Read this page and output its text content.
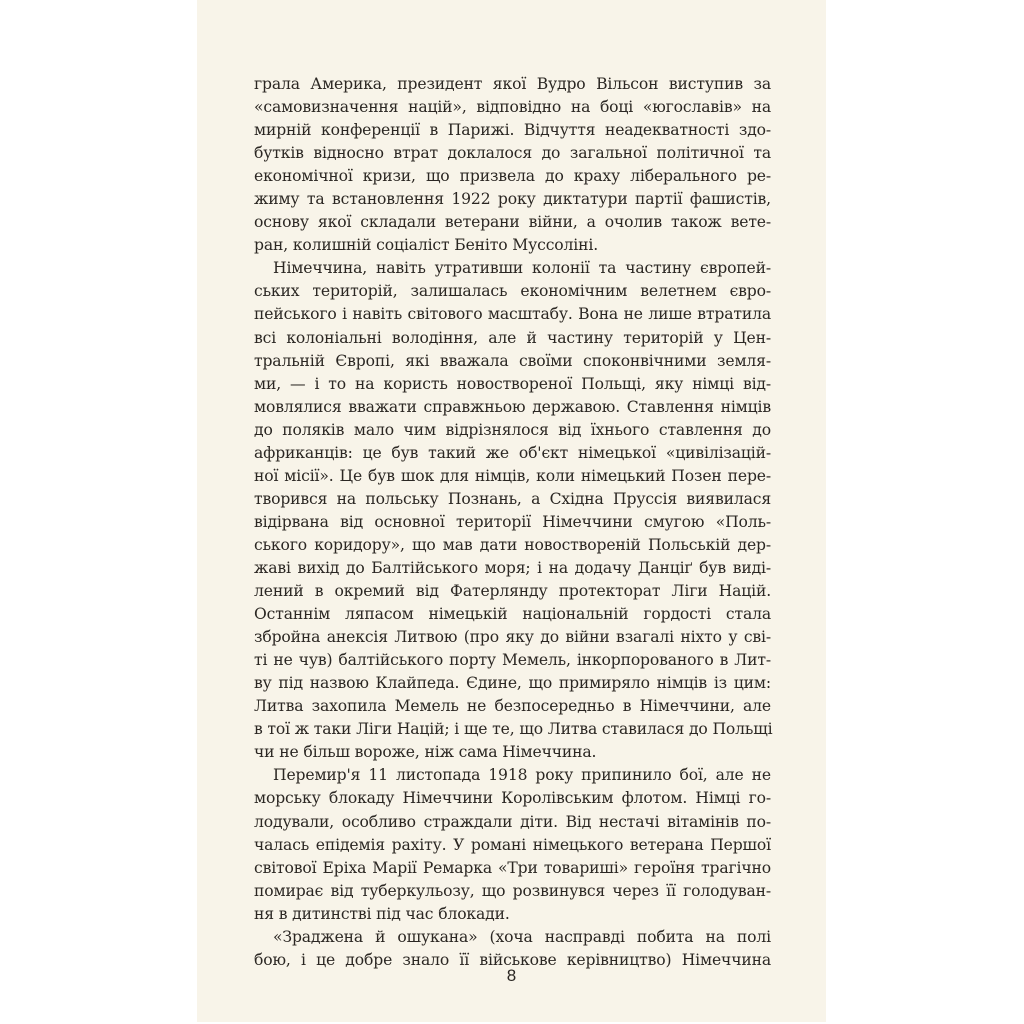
грала Америка, президент якої Вудро Вільсон виступив за
«самовизначення націй», відповідно на боці «югославів» на
мирній конференції в Парижі. Відчуття неадекватності здо-
бутків відносно втрат доклалося до загальної політичної та
економічної кризи, що призвела до краху ліберального ре-
жиму та встановлення 1922 року диктатури партії фашистів,
основу якої складали ветерани війни, а очолив також вете-
ран, колишній соціаліст Беніто Муссоліні.
Німеччина, навіть утративши колонії та частину європей-
ських територій, залишалась економічним велетнем євро-
пейського і навіть світового масштабу. Вона не лише втратила
всі колоніальні володіння, але й частину територій у Цен-
тральній Європі, які вважала своїми споконвічними земля-
ми, — і то на користь новоствореної Польщі, яку німці від-
мовлялися вважати справжньою державою. Ставлення німців
до поляків мало чим відрізнялося від їхнього ставлення до
африканців: це був такий же об'єкт німецької «цивілізацій-
ної місії». Це був шок для німців, коли німецький Позен пере-
творився на польську Познань, а Східна Пруссія виявилася
відірвана від основної території Німеччини смугою «Поль-
ського коридору», що мав дати новоствореній Польській дер-
жаві вихід до Балтійського моря; і на додачу Данціґ був виді-
лений в окремий від Фатерлянду протекторат Ліги Націй.
Останнім ляпасом німецькій національній гордості стала
збройна анексія Литвою (про яку до війни взагалі ніхто у сві-
ті не чув) балтійського порту Мемель, інкорпорованого в Лит-
ву під назвою Клайпеда. Єдине, що примиряло німців із цим:
Литва захопила Мемель не безпосередньо в Німеччини, але
в тої ж таки Ліги Націй; і ще те, що Литва ставилася до Польщі
чи не більш вороже, ніж сама Німеччина.
Перемир'я 11 листопада 1918 року припинило бої, але не
морську блокаду Німеччини Королівським флотом. Німці го-
лодували, особливо страждали діти. Від нестачі вітамінів по-
чалась епідемія рахіту. У романі німецького ветерана Першої
світової Еріха Марії Ремарка «Три товариші» героїня трагічно
помирає від туберкульозу, що розвинувся через її голодуван-
ня в дитинстві під час блокади.
«Зраджена й ошукана» (хоча насправді побита на полі
бою, і це добре знало її військове керівництво) Німеччина
8
